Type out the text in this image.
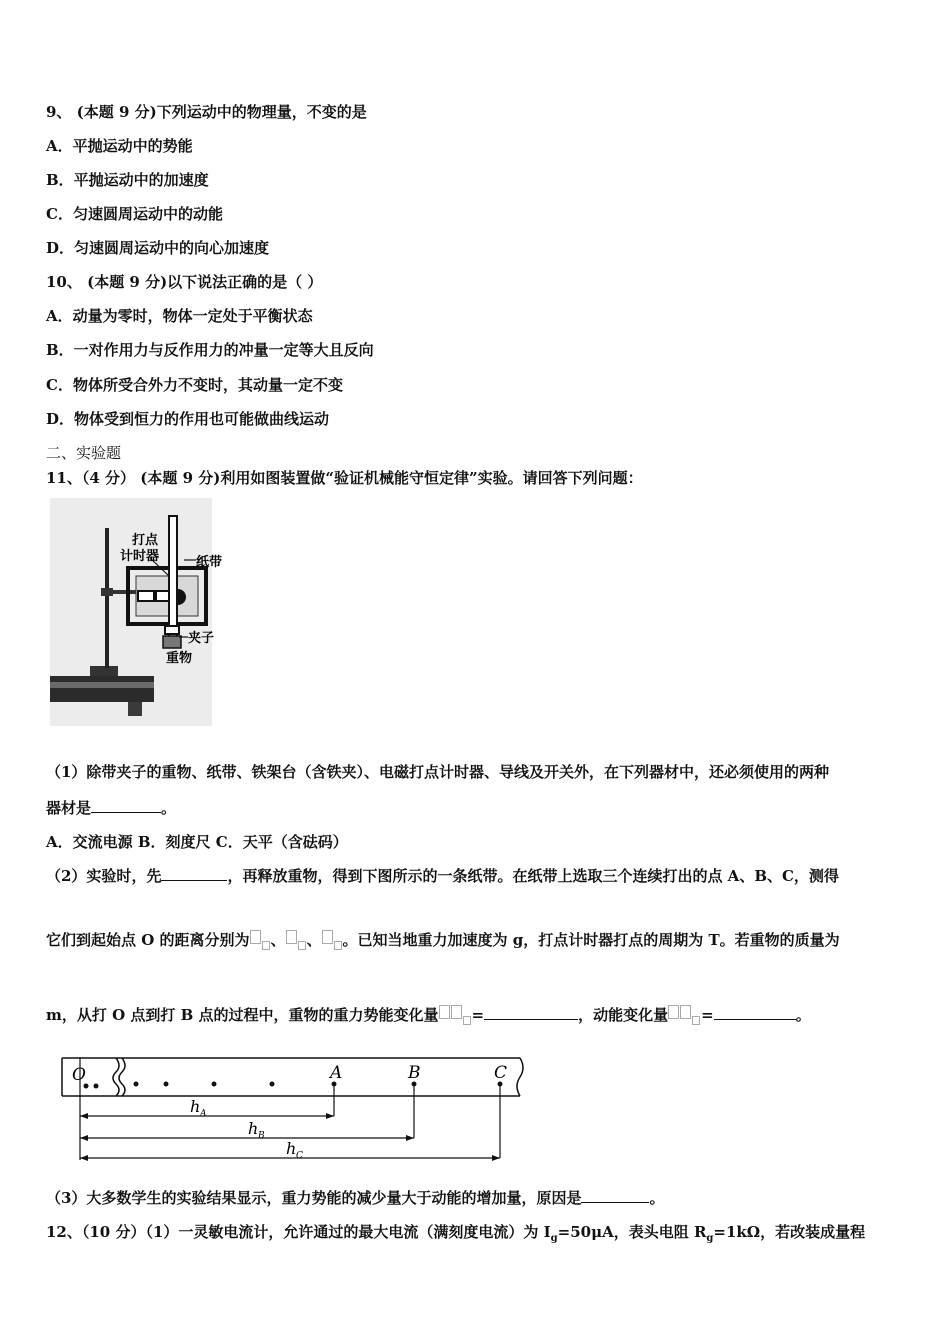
9、 (本题 9 分)下列运动中的物理量，不变的是
A．平抛运动中的势能
B．平抛运动中的加速度
C．匀速圆周运动中的动能
D．匀速圆周运动中的向心加速度
10、 (本题 9 分)以下说法正确的是（ ）
A．动量为零时，物体一定处于平衡状态
B．一对作用力与反作用力的冲量一定等大且反向
C．物体所受合外力不变时，其动量一定不变
D．物体受到恒力的作用也可能做曲线运动
二、实验题
11、（4 分） (本题 9 分)利用如图装置做“验证机械能守恒定律”实验。请回答下列问题：
打点
计时器	纸带
夹子
重物
（1）除带夹子的重物、纸带、铁架台（含铁夹）、电磁打点计时器、导线及开关外，在下列器材中，还必须使用的两种
器材是	。
A．交流电源 B．刻度尺 C．天平（含砝码）
（2）实验时，先	，再释放重物，得到下图所示的一条纸带。在纸带上选取三个连续打出的点 A、B、C，测得
它们到起始点 O 的距离分别为 、 、 。已知当地重力加速度为 g，打点计时器打点的周期为 T。若重物的质量为
m，从打 O 点到打 B 点的过程中，重物的重力势能变化量 =	，动能变化量 =	。
O	A	B	C
h A
h B
h C
（3）大多数学生的实验结果显示，重力势能的减少量大于动能的增加量，原因是	。
12、（10 分）（1）一灵敏电流计，允许通过的最大电流（满刻度电流）为 $I_g=50\mu A$，表头电阻 $R_g=1k\Omega$，若改装成量程
